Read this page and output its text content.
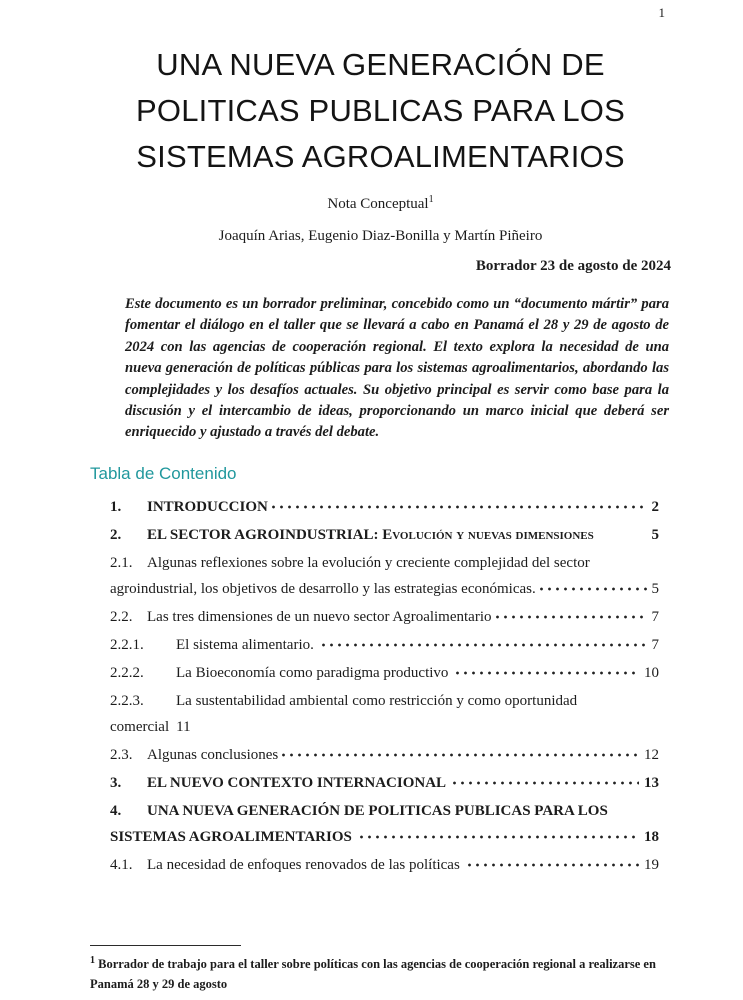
1
UNA NUEVA GENERACIÓN DE
POLITICAS PUBLICAS PARA LOS
SISTEMAS AGROALIMENTARIOS
Nota Conceptual$^1$
Joaquín Arias, Eugenio Diaz-Bonilla y Martín Piñeiro
Borrador 23 de agosto de 2024

Este documento es un borrador preliminar, concebido como un “documento mártir” para fomentar el diálogo en el taller que se llevará a cabo en Panamá el 28 y 29 de agosto de 2024 con las agencias de cooperación regional. El texto explora la necesidad de una nueva generación de políticas públicas para los sistemas agroalimentarios, abordando las complejidades y los desafíos actuales. Su objetivo principal es servir como base para la discusión y el intercambio de ideas, proporcionando un marco inicial que deberá ser enriquecido y ajustado a través del debate.

Tabla de Contenido
1.	INTRODUCCION	2
2.	EL SECTOR AGROINDUSTRIAL: Evolución y nuevas dimensiones	5
2.1. Algunas reflexiones sobre la evolución y creciente complejidad del sector
agroindustrial, los objetivos de desarrollo y las estrategias económicas.	5
2.2. Las tres dimensiones de un nuevo sector Agroalimentario	7
2.2.1.	El sistema alimentario.	7
2.2.2.	La Bioeconomía como paradigma productivo	10
2.2.3.	La sustentabilidad ambiental como restricción y como oportunidad
comercial 11
2.3. Algunas conclusiones	12
3.	EL NUEVO CONTEXTO INTERNACIONAL	13
4.	UNA NUEVA GENERACIÓN DE POLITICAS PUBLICAS PARA LOS
SISTEMAS AGROALIMENTARIOS	18
4.1. La necesidad de enfoques renovados de las políticas	19
$^1$ Borrador de trabajo para el taller sobre políticas con las agencias de cooperación regional a realizarse en Panamá 28 y 29 de agosto
